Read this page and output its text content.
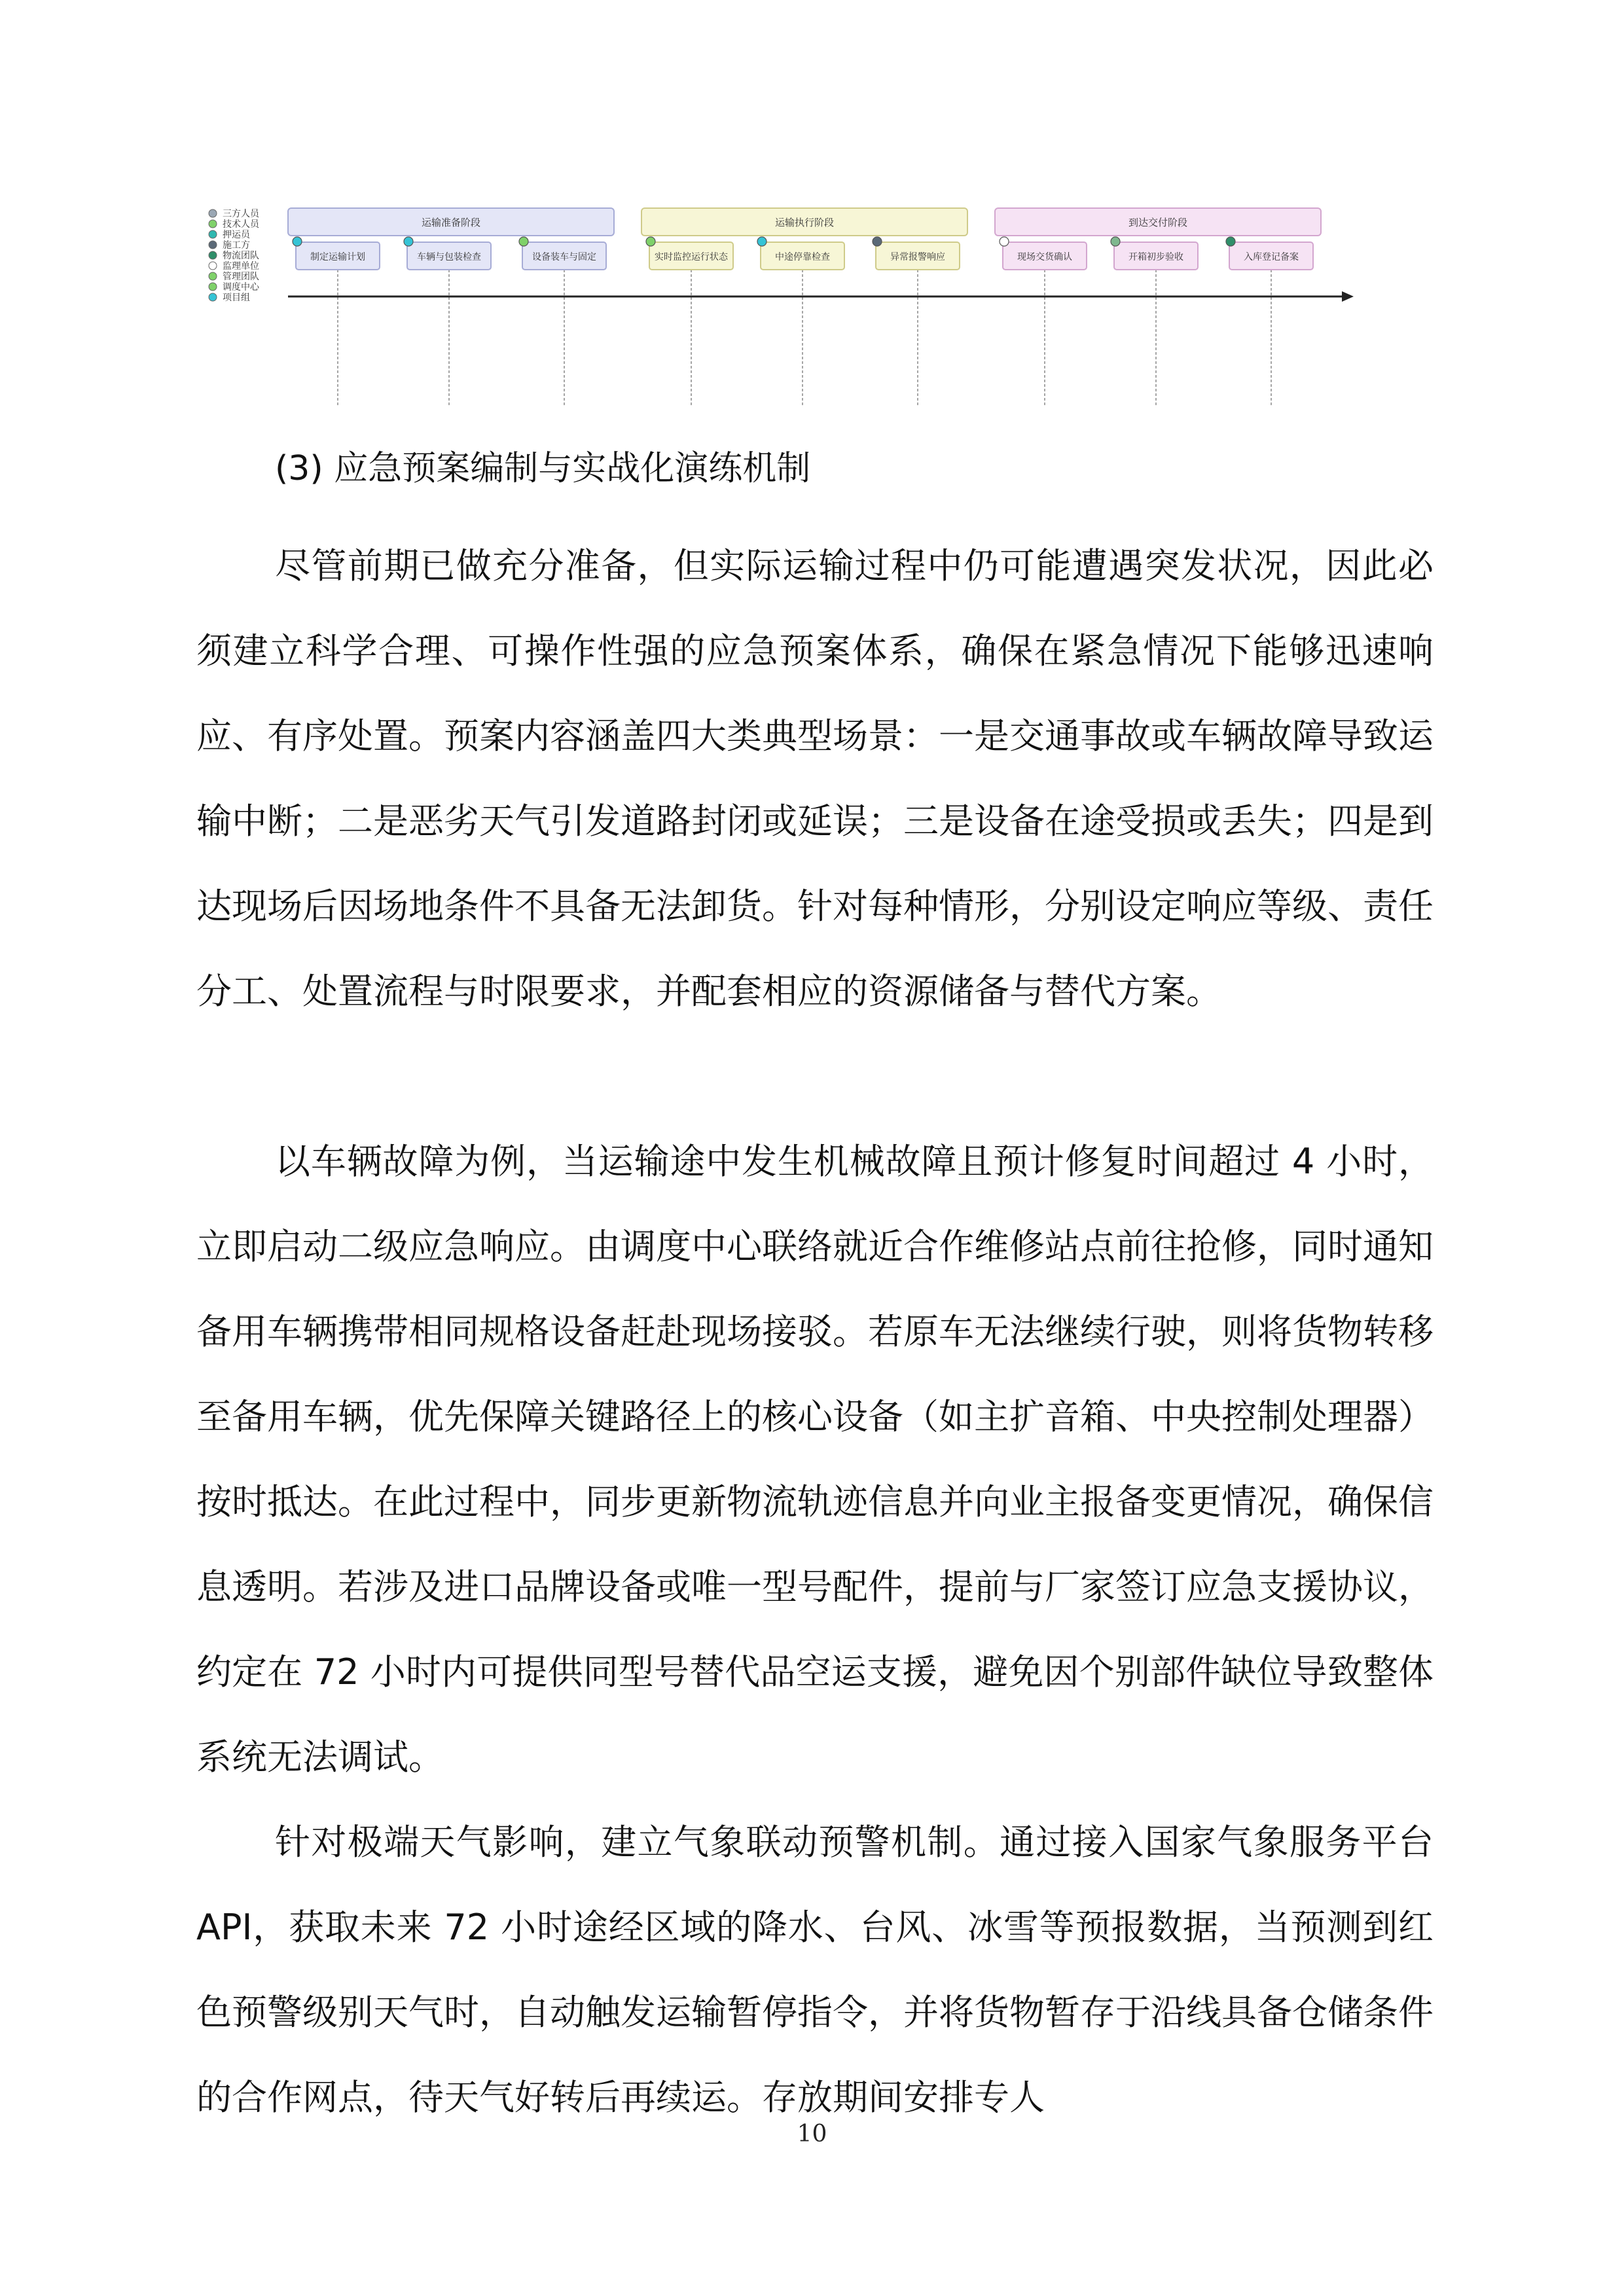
三方人员
技术人员
押运员
施工方
物流团队
监理单位
管理团队
调度中心
项目组
运输准备阶段
制定运输计划	车辆与包装检查	设备装车与固定
运输执行阶段
实时监控运行状态	中途停靠检查	异常报警响应
到达交付阶段
现场交货确认	开箱初步验收	入库登记备案
(3) 应急预案编制与实战化演练机制

尽管前期已做充分准备，但实际运输过程中仍可能遭遇突发状况，因此必须建立科学合理、可操作性强的应急预案体系，确保在紧急情况下能够迅速响应、有序处置。预案内容涵盖四大类典型场景：一是交通事故或车辆故障导致运输中断；二是恶劣天气引发道路封闭或延误；三是设备在途受损或丢失；四是到达现场后因场地条件不具备无法卸货。针对每种情形，分别设定响应等级、责任分工、处置流程与时限要求，并配套相应的资源储备与替代方案。

以车辆故障为例，当运输途中发生机械故障且预计修复时间超过 4 小时，立即启动二级应急响应。由调度中心联络就近合作维修站点前往抢修，同时通知备用车辆携带相同规格设备赶赴现场接驳。若原车无法继续行驶，则将货物转移至备用车辆，优先保障关键路径上的核心设备（如主扩音箱、中央控制处理器）按时抵达。在此过程中，同步更新物流轨迹信息并向业主报备变更情况，确保信息透明。若涉及进口品牌设备或唯一型号配件，提前与厂家签订应急支援协议，约定在 72 小时内可提供同型号替代品空运支援，避免因个别部件缺位导致整体系统无法调试。

针对极端天气影响，建立气象联动预警机制。通过接入国家气象服务平台 API，获取未来 72 小时途经区域的降水、台风、冰雪等预报数据，当预测到红色预警级别天气时，自动触发运输暂停指令，并将货物暂存于沿线具备仓储条件的合作网点，待天气好转后再续运。存放期间安排专人

10
